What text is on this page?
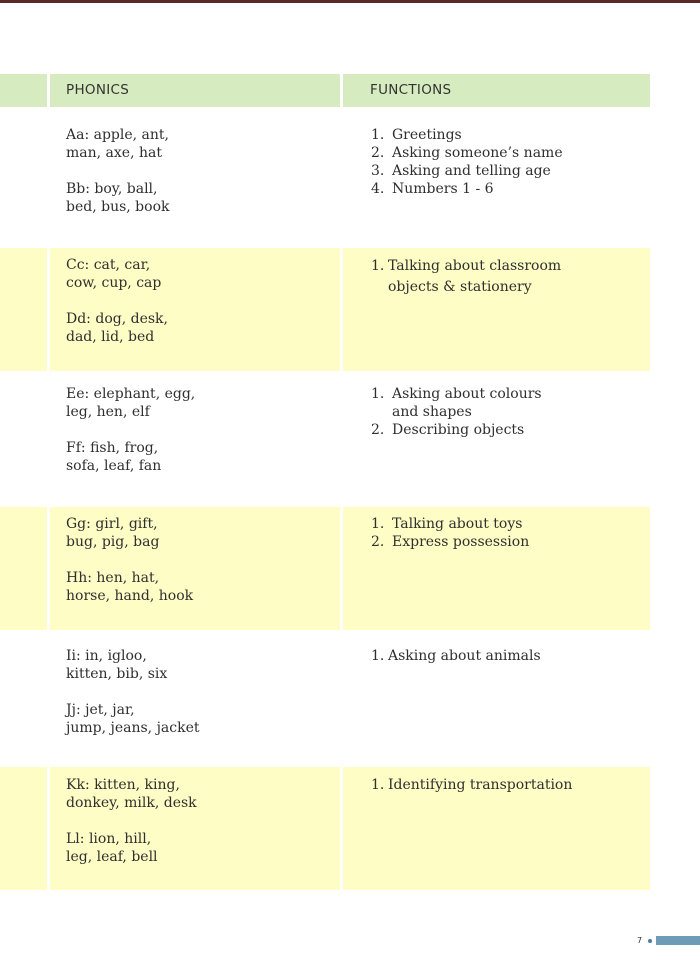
PHONICS	FUNCTIONS
Aa: apple, ant,
man, axe, hat
Bb: boy, ball,
bed, bus, book
1. Greetings
2. Asking someone’s name
3. Asking and telling age
4. Numbers 1 - 6
Cc: cat, car,
cow, cup, cap
Dd: dog, desk,
dad, lid, bed
1. Talking about classroom
objects & stationery
Ee: elephant, egg,
leg, hen, elf
Ff: fish, frog,
sofa, leaf, fan
1. Asking about colours
and shapes
2. Describing objects
Gg: girl, gift,
bug, pig, bag
Hh: hen, hat,
horse, hand, hook
1. Talking about toys
2. Express possession
Ii: in, igloo,
kitten, bib, six
Jj: jet, jar,
jump, jeans, jacket
1. Asking about animals
Kk: kitten, king,
donkey, milk, desk
Ll: lion, hill,
leg, leaf, bell
1. Identifying transportation
7
